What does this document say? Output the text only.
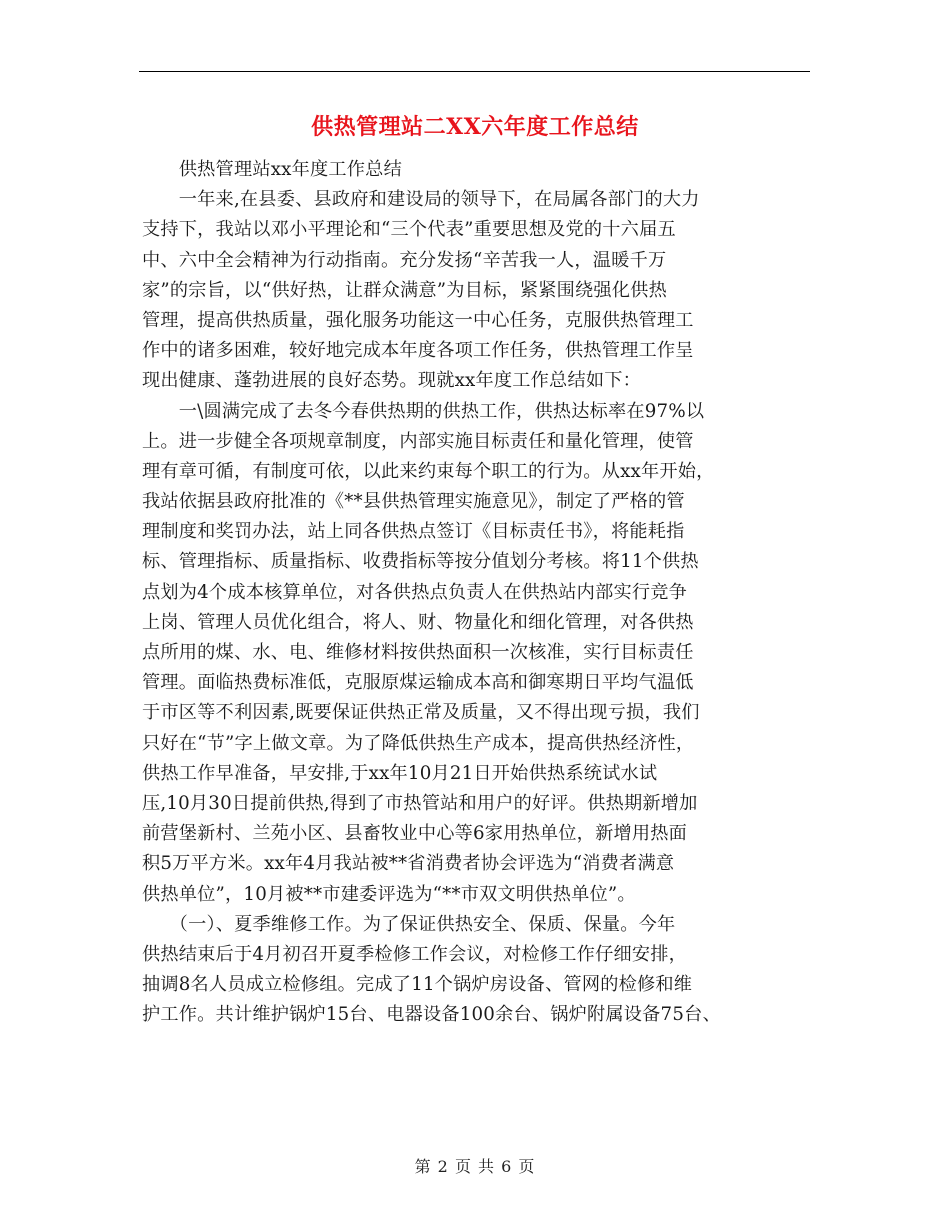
供热管理站二XX六年度工作总结
　　供热管理站xx年度工作总结
　　一年来,在县委、县政府和建设局的领导下，在局属各部门的大力
支持下，我站以邓小平理论和“三个代表”重要思想及党的十六届五
中、六中全会精神为行动指南。充分发扬“辛苦我一人，温暖千万
家”的宗旨，以“供好热，让群众满意”为目标，紧紧围绕强化供热
管理，提高供热质量，强化服务功能这一中心任务，克服供热管理工
作中的诸多困难，较好地完成本年度各项工作任务，供热管理工作呈
现出健康、蓬勃进展的良好态势。现就xx年度工作总结如下：
　　一\圆满完成了去冬今春供热期的供热工作，供热达标率在97%以
上。进一步健全各项规章制度，内部实施目标责任和量化管理，使管
理有章可循，有制度可依，以此来约束每个职工的行为。从xx年开始，
我站依据县政府批准的《**县供热管理实施意见》，制定了严格的管
理制度和奖罚办法，站上同各供热点签订《目标责任书》，将能耗指
标、管理指标、质量指标、收费指标等按分值划分考核。将11个供热
点划为4个成本核算单位，对各供热点负责人在供热站内部实行竞争
上岗、管理人员优化组合，将人、财、物量化和细化管理，对各供热
点所用的煤、水、电、维修材料按供热面积一次核准，实行目标责任
管理。面临热费标准低，克服原煤运输成本高和御寒期日平均气温低
于市区等不利因素,既要保证供热正常及质量，又不得出现亏损，我们
只好在“节”字上做文章。为了降低供热生产成本，提高供热经济性，
供热工作早准备，早安排,于xx年10月21日开始供热系统试水试
压,10月30日提前供热,得到了市热管站和用户的好评。供热期新增加
前营堡新村、兰苑小区、县畜牧业中心等6家用热单位，新增用热面
积5万平方米。xx年4月我站被**省消费者协会评选为“消费者满意
供热单位”，10月被**市建委评选为“**市双文明供热单位”。
　　（一）、夏季维修工作。为了保证供热安全、保质、保量。今年
供热结束后于4月初召开夏季检修工作会议，对检修工作仔细安排，
抽调8名人员成立检修组。完成了11个锅炉房设备、管网的检修和维
护工作。共计维护锅炉15台、电器设备100余台、锅炉附属设备75台、
第 2 页 共 6 页
